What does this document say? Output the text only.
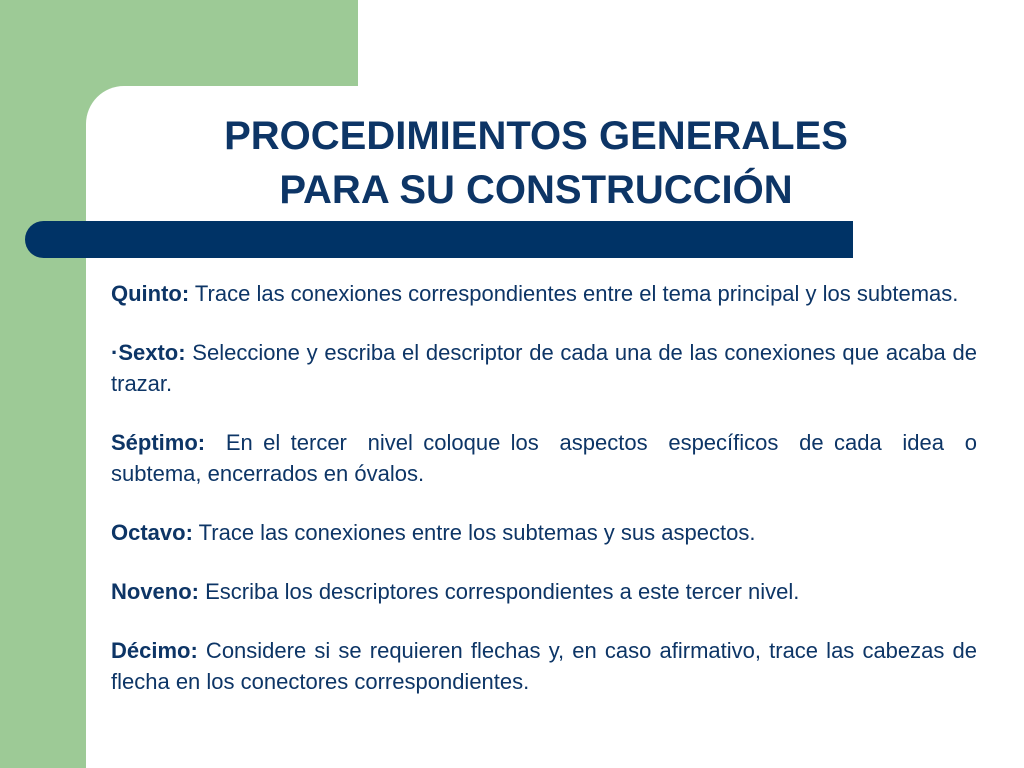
PROCEDIMIENTOS GENERALES
PARA SU CONSTRUCCIÓN

Quinto: Trace las conexiones correspondientes entre el tema principal y los subtemas.

·Sexto: Seleccione y escriba el descriptor de cada una de las conexiones que acaba de trazar.

Séptimo:  En el tercer  nivel coloque los  aspectos  específicos  de cada  idea  o   subtema, encerrados en óvalos.

Octavo: Trace las conexiones entre los subtemas y sus aspectos.

Noveno: Escriba los descriptores correspondientes a este tercer nivel.

Décimo: Considere si se requieren flechas y, en caso afirmativo, trace las cabezas de flecha en los conectores correspondientes.
